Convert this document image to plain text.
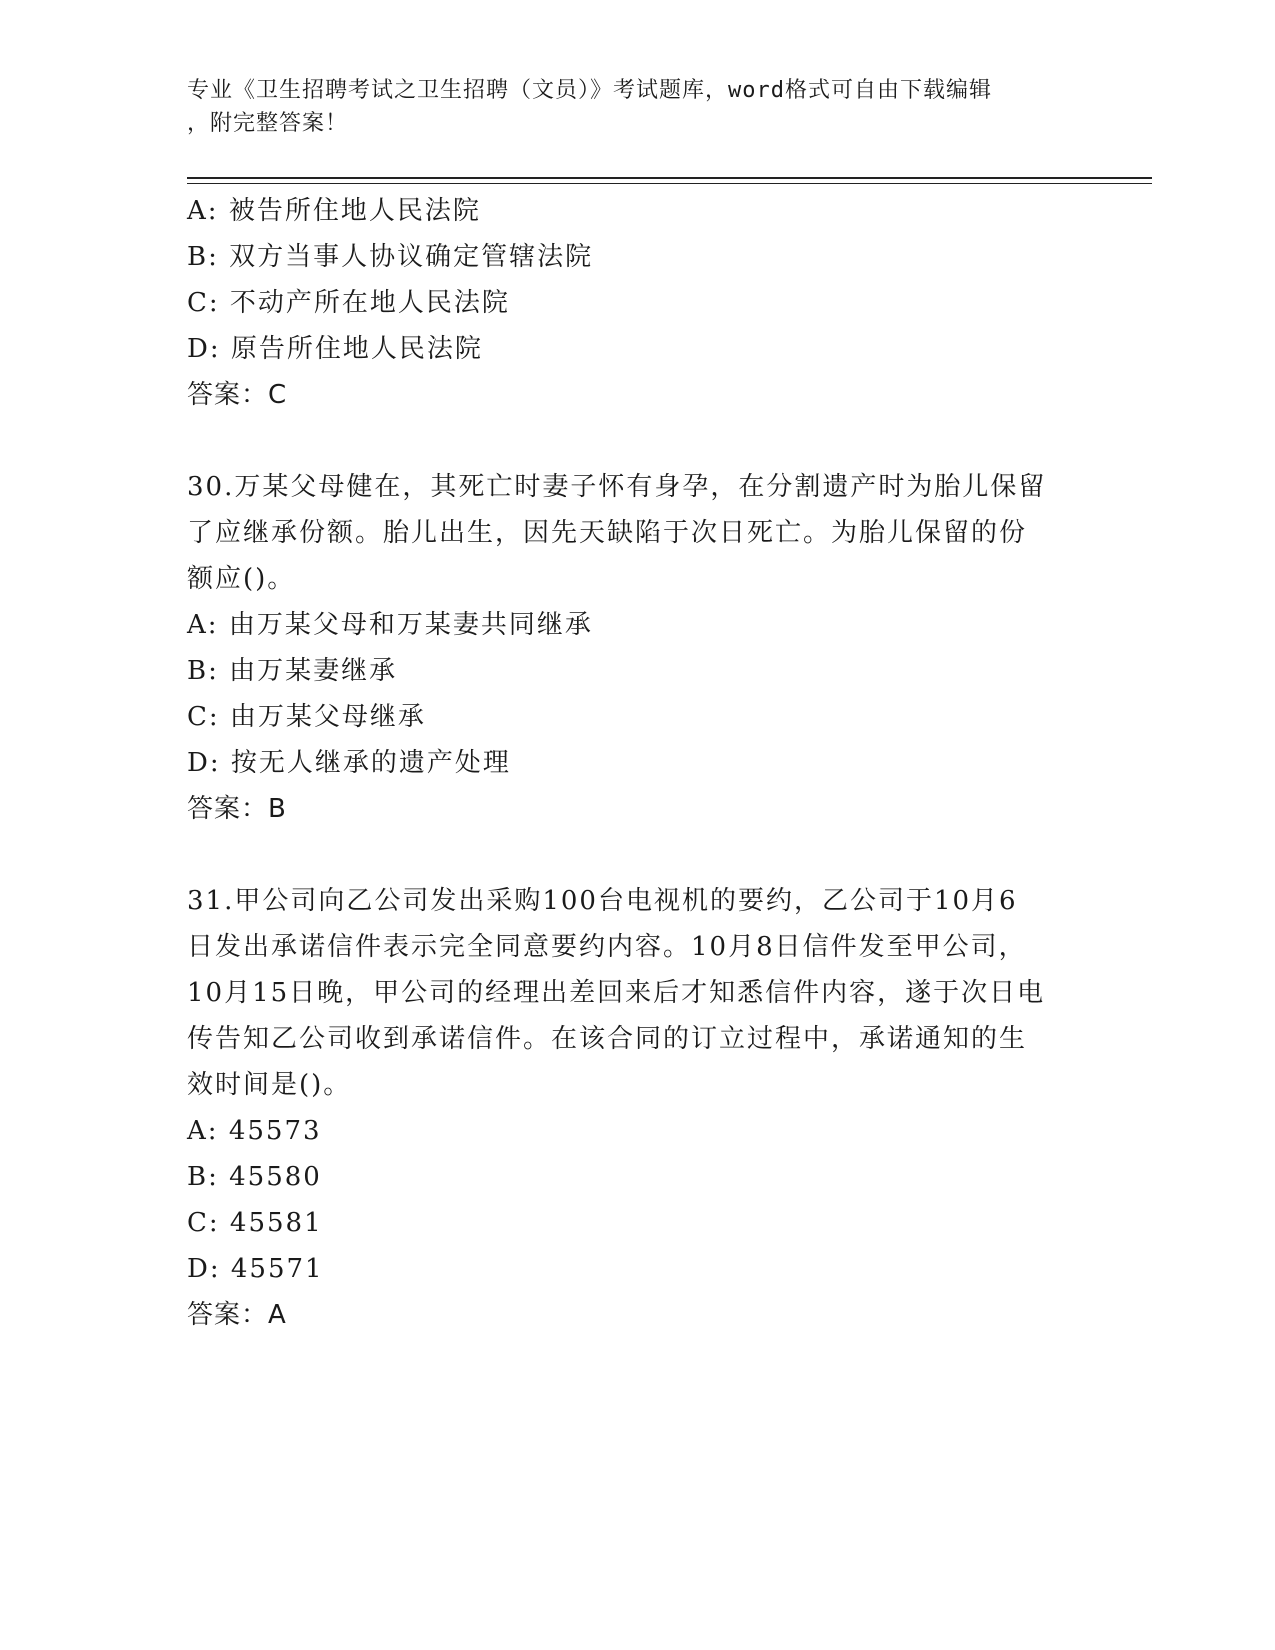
专业《卫生招聘考试之卫生招聘（文员）》考试题库，word格式可自由下载编辑
，附完整答案！
A: 被告所住地人民法院
B: 双方当事人协议确定管辖法院
C: 不动产所在地人民法院
D: 原告所住地人民法院
答案：C
30.万某父母健在，其死亡时妻子怀有身孕，在分割遗产时为胎儿保留
了应继承份额。胎儿出生，因先天缺陷于次日死亡。为胎儿保留的份
额应()。
A: 由万某父母和万某妻共同继承
B: 由万某妻继承
C: 由万某父母继承
D: 按无人继承的遗产处理
答案：B
31.甲公司向乙公司发出采购100台电视机的要约，乙公司于10月6
日发出承诺信件表示完全同意要约内容。10月8日信件发至甲公司，
10月15日晚，甲公司的经理出差回来后才知悉信件内容，遂于次日电
传告知乙公司收到承诺信件。在该合同的订立过程中，承诺通知的生
效时间是()。
A: 45573
B: 45580
C: 45581
D: 45571
答案：A
